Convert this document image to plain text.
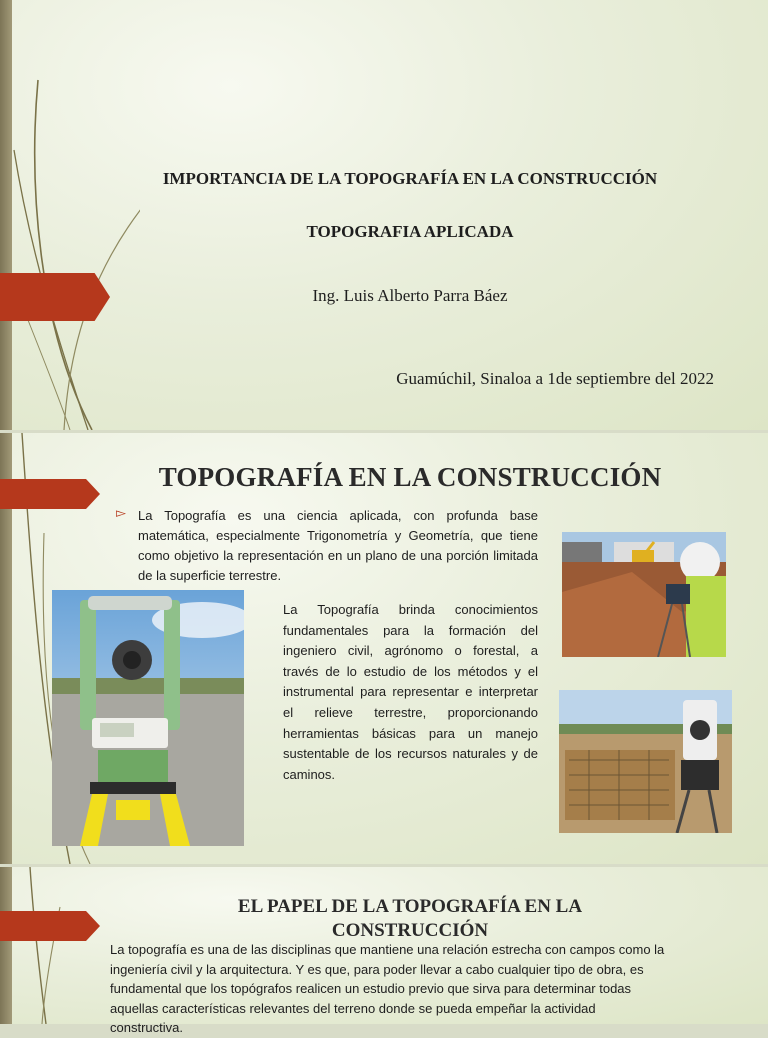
IMPORTANCIA DE LA TOPOGRAFÍA EN LA CONSTRUCCIÓN
TOPOGRAFIA APLICADA
Ing. Luis Alberto Parra Báez
Guamúchil, Sinaloa a 1de septiembre del 2022
TOPOGRAFÍA EN LA CONSTRUCCIÓN
▻ La Topografía es una ciencia aplicada, con profunda base matemática, especialmente Trigonometría y Geometría, que tiene como objetivo la representación en un plano de una porción limitada de la superficie terrestre.
La Topografía brinda conocimientos fundamentales para la formación del ingeniero civil, agrónomo o forestal, a través de lo estudio de los métodos y el instrumental para representar e interpretar el relieve terrestre, proporcionando herramientas básicas para un manejo sustentable de los recursos naturales y de caminos.
EL PAPEL DE LA TOPOGRAFÍA EN LA CONSTRUCCIÓN
La topografía es una de las disciplinas que mantiene una relación estrecha con campos como la ingeniería civil y la arquitectura. Y es que, para poder llevar a cabo cualquier tipo de obra, es fundamental que los topógrafos realicen un estudio previo que sirva para determinar todas aquellas características relevantes del terreno donde se pueda empeñar la actividad constructiva.
